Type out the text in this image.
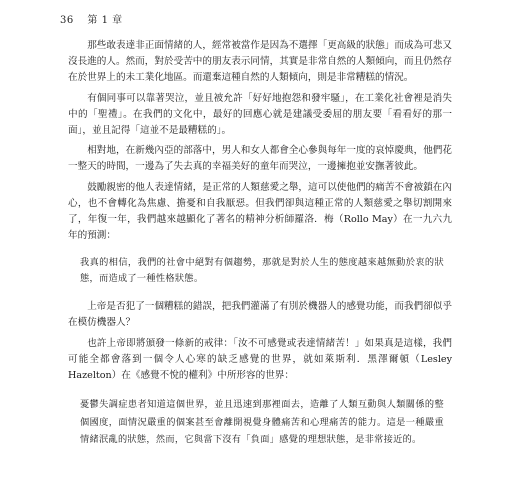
36 第 1 章

那些敢表達非正面情緒的人，經常被當作是因為不選擇「更高級的狀態」而成為可悲又沒長進的人。然而，對於受苦中的朋友表示同情，其實是非常自然的人類傾向，而且仍然存在於世界上的未工業化地區。而還棄這種自然的人類傾向，則是非常糟糕的情況。

有個同事可以靠著哭泣，並且被允許「好好地抱怨和發牢騷」，在工業化社會裡是消失中的「聖禮」。在我們的文化中，最好的回應心就是建議受委屈的朋友要「看看好的那一面」，並且記得「這並不是最糟糕的」。

相對地，在新幾內亞的部落中，男人和女人都會全心參與每年一度的哀悼慶典，他們花一整天的時間，一邊為了失去真的幸福美好的童年而哭泣，一邊擁抱並安撫著彼此。

鼓勵親密的他人表達情緒，是正常的人類慈愛之舉，這可以使他們的痛苦不會被鎖在內心，也不會轉化為焦慮、擔憂和自我厭惡。但我們卻與這種正常的人類慈愛之舉切割開來了，年復一年，我們越來越顯化了著名的精神分析師羅洛．梅（Rollo May）在一九六九年的預測：

我真的相信，我們的社會中絕對有個趨勢，那就是對於人生的態度越來越無動於衷的狀態，而造成了一種性格狀態。

上帝是否犯了一個糟糕的錯誤，把我們灌滿了有別於機器人的感覺功能，而我們卻似乎在模仿機器人？

也許上帝即將頒發一條新的戒律：「汝不可感覺或表達情緒苦！」如果真是這樣，我們可能全都會落到一個令人心寒的缺乏感覺的世界，就如萊斯利．黑澤爾頓（Lesley Hazelton）在《感覺不悅的權利》中所形容的世界：

憂鬱失調症患者知道這個世界，並且迅速到那裡面去，造離了人類互動與人類關係的整個國度，面情況嚴重的個案甚至會離開視覺身體痛苦和心理痛苦的能力。這是一種嚴重情緒泯亂的狀態，然而，它與當下沒有「負面」感覺的理想狀態，是非常接近的。
